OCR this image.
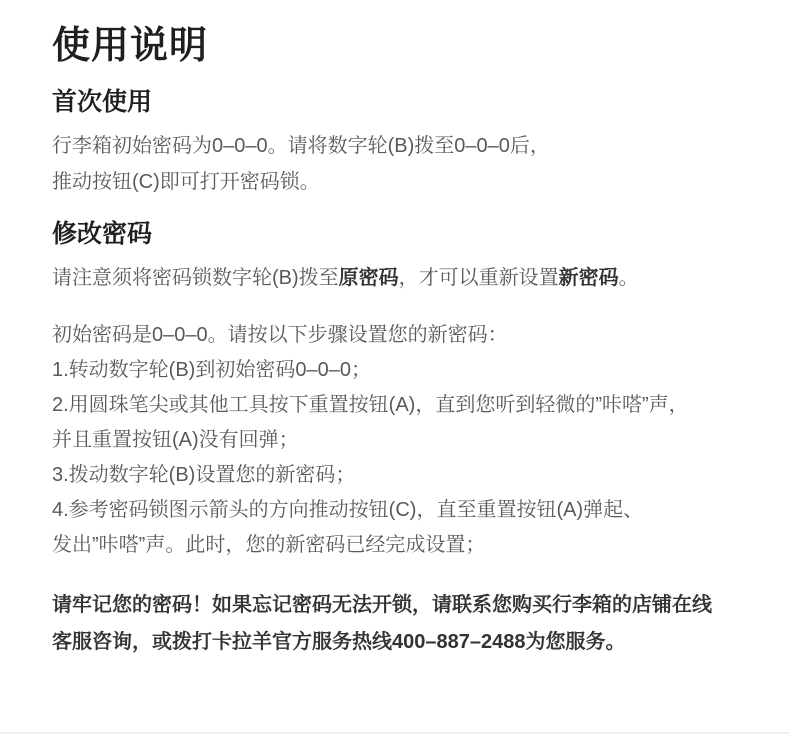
使用说明
首次使用

行李箱初始密码为0–0–0。请将数字轮(B)拨至0–0–0后，
推动按钮(C)即可打开密码锁。

修改密码

请注意须将密码锁数字轮(B)拨至原密码，才可以重新设置新密码。

初始密码是0–0–0。请按以下步骤设置您的新密码：
1.转动数字轮(B)到初始密码0–0–0；
2.用圆珠笔尖或其他工具按下重置按钮(A)，直到您听到轻微的”咔嗒”声，
并且重置按钮(A)没有回弹；
3.拨动数字轮(B)设置您的新密码；
4.参考密码锁图示箭头的方向推动按钮(C)，直至重置按钮(A)弹起、
发出”咔嗒”声。此时，您的新密码已经完成设置；

请牢记您的密码！如果忘记密码无法开锁，请联系您购买行李箱的店铺在线
客服咨询，或拨打卡拉羊官方服务热线400–887–2488为您服务。
